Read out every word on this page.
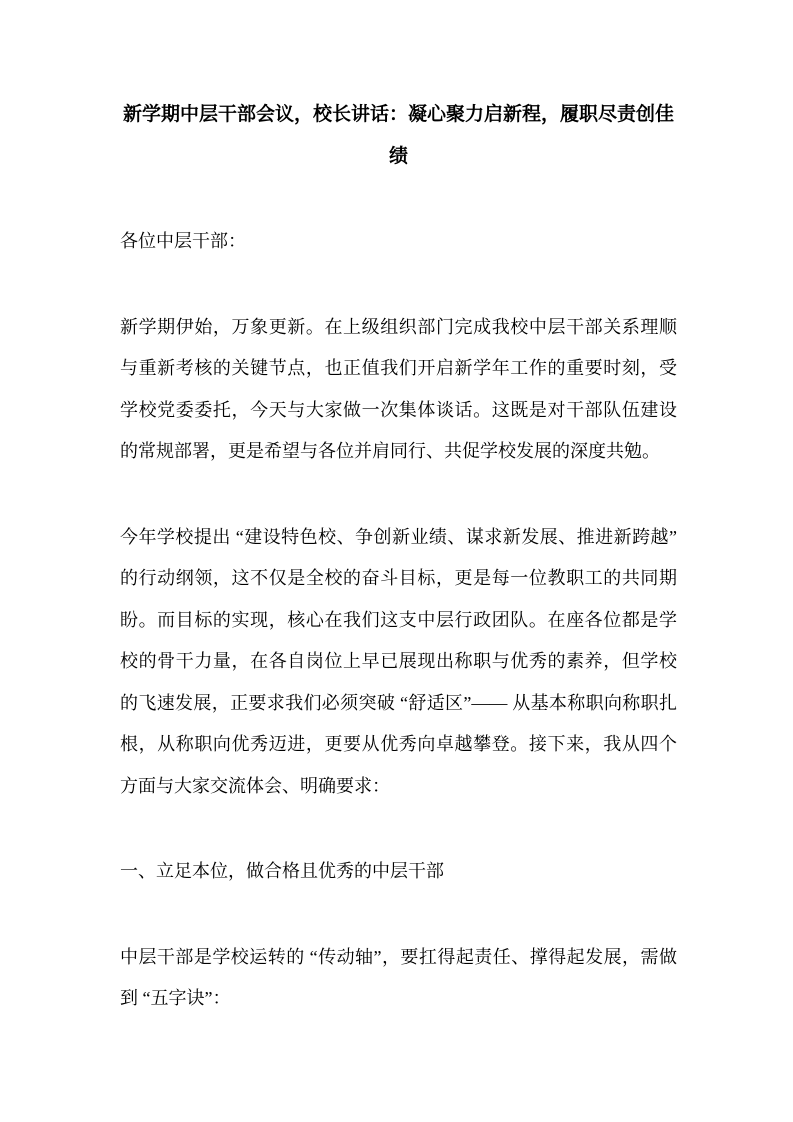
新学期中层干部会议，校长讲话：凝心聚力启新程，履职尽责创佳绩

各位中层干部：

新学期伊始，万象更新。在上级组织部门完成我校中层干部关系理顺与重新考核的关键节点，也正值我们开启新学年工作的重要时刻，受学校党委委托，今天与大家做一次集体谈话。这既是对干部队伍建设的常规部署，更是希望与各位并肩同行、共促学校发展的深度共勉。

今年学校提出 “建设特色校、争创新业绩、谋求新发展、推进新跨越” 的行动纲领，这不仅是全校的奋斗目标，更是每一位教职工的共同期盼。而目标的实现，核心在我们这支中层行政团队。在座各位都是学校的骨干力量，在各自岗位上早已展现出称职与优秀的素养，但学校的飞速发展，正要求我们必须突破 “舒适区”—— 从基本称职向称职扎根，从称职向优秀迈进，更要从优秀向卓越攀登。接下来，我从四个方面与大家交流体会、明确要求：

一、立足本位，做合格且优秀的中层干部

中层干部是学校运转的 “传动轴”，要扛得起责任、撑得起发展，需做到 “五字诀”：
